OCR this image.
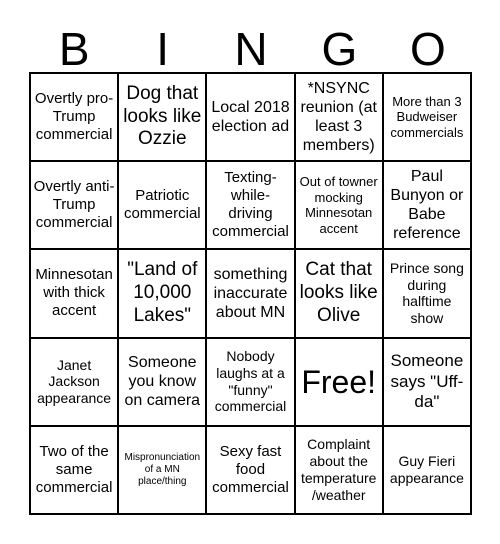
B	I	N	G	O
Overtly pro-Trump commercial
Dog that looks like Ozzie
Local 2018 election ad
*NSYNC reunion (at least 3 members)
More than 3 Budweiser commercials
Overtly anti-Trump commercial
Patriotic commercial
Texting-while-driving commercial
Out of towner mocking Minnesotan accent
Paul Bunyon or Babe reference
Minnesotan with thick accent
"Land of 10,000 Lakes"
something inaccurate about MN
Cat that looks like Olive
Prince song during halftime show
Janet Jackson appearance
Someone you know on camera
Nobody laughs at a "funny" commercial
Free!
Someone says "Uff-da"
Two of the same commercial
Mispronunciation of a MN place/thing
Sexy fast food commercial
Complaint about the temperature /weather
Guy Fieri appearance
